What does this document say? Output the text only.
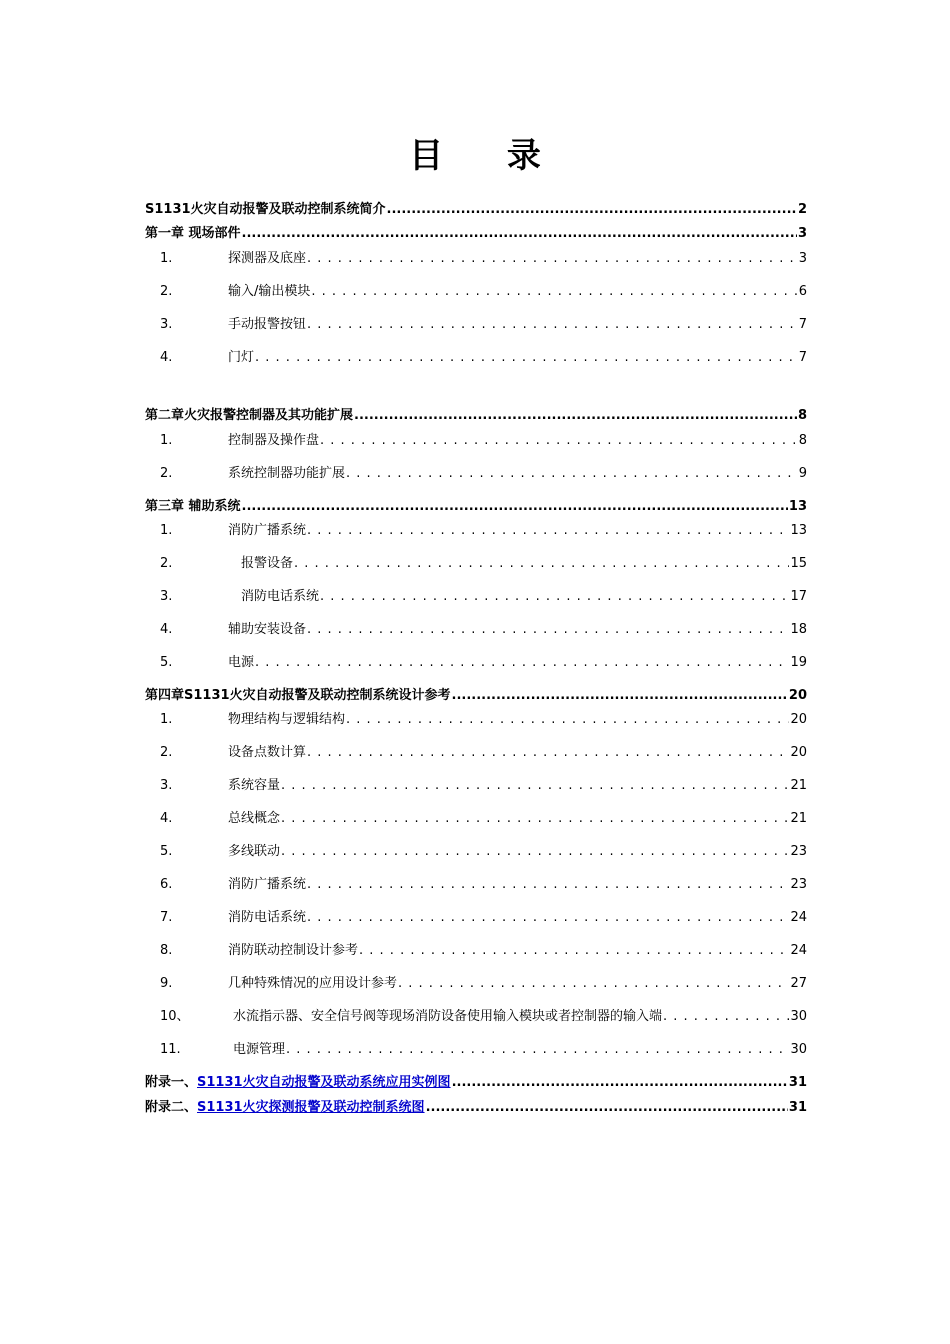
目 录
S1131火灾自动报警及联动控制系统简介 .....	2
第一章 现场部件 .....	3
1.	探测器及底座 . . .	3
2.	输入/输出模块 . . .	6
3.	手动报警按钮 . . .	7
4.	门灯 . . .	7
第二章火灾报警控制器及其功能扩展 .....	8
1.	控制器及操作盘 . . .	8
2.	系统控制器功能扩展 . . .	9
第三章 辅助系统 .....	13
1.	消防广播系统 . . .	13
2.	报警设备 . . .	15
3.	消防电话系统 . . .	17
4.	辅助安装设备 . . .	18
5.	电源 . . .	19
第四章S1131火灾自动报警及联动控制系统设计参考 .....	20
1.	物理结构与逻辑结构 . . .	20
2.	设备点数计算 . . .	20
3.	系统容量 . . .	21
4.	总线概念 . . .	21
5.	多线联动 . . .	23
6.	消防广播系统 . . .	23
7.	消防电话系统 . . .	24
8.	消防联动控制设计参考 . . .	24
9.	几种特殊情况的应用设计参考 . . .	27
10、	水流指示器、安全信号阀等现场消防设备使用输入模块或者控制器的输入端 . . .	30
11.	电源管理 . . .	30
附录一、 S1131火灾自动报警及联动系统应用实例图 .....	31
附录二、 S1131火灾探测报警及联动控制系统图 .....	31
